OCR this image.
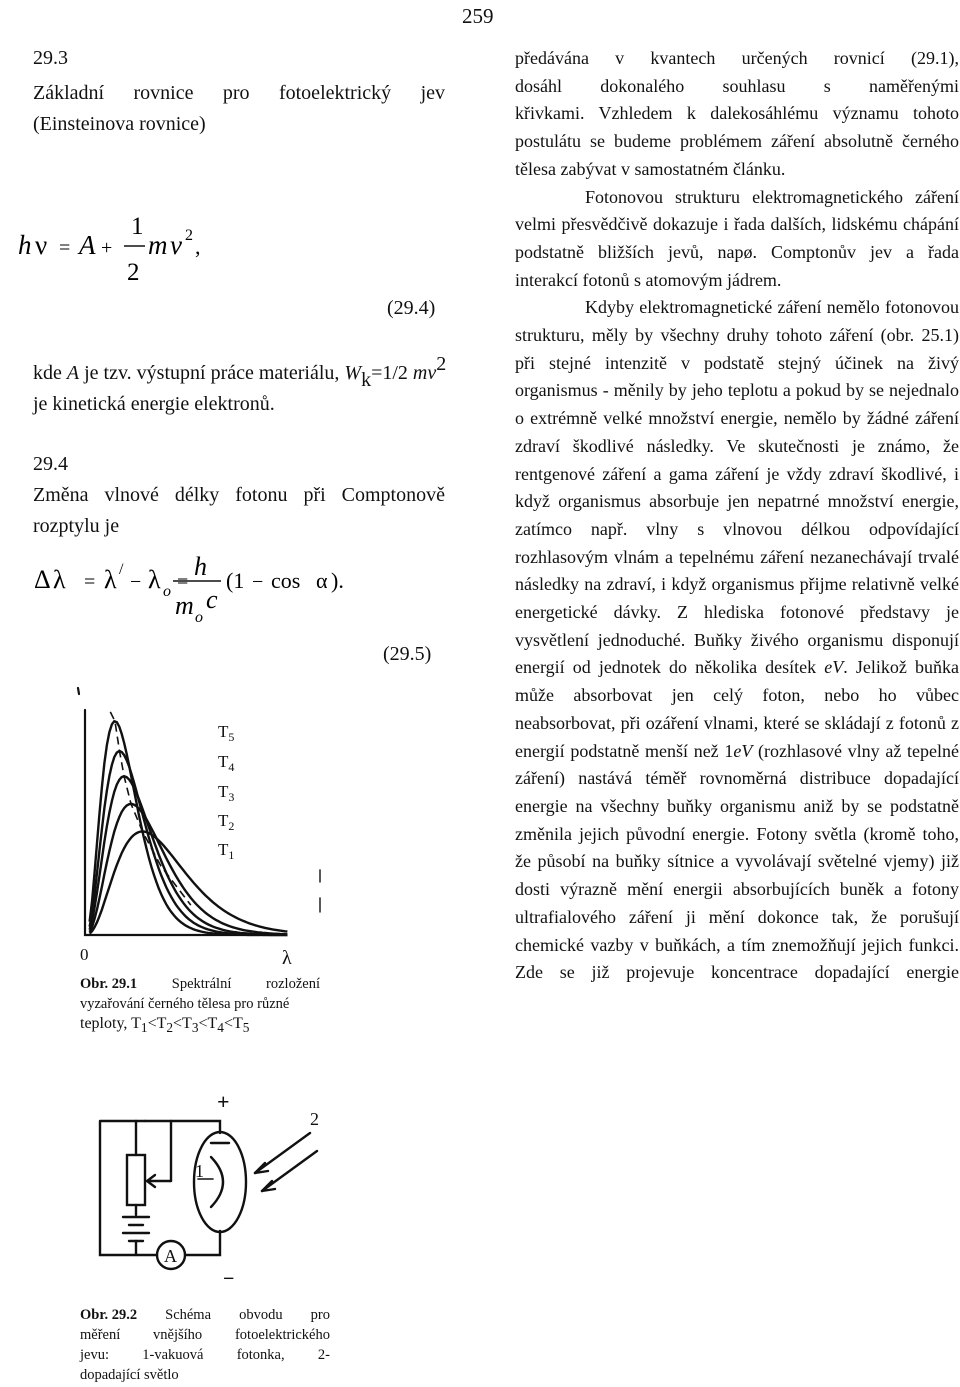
259
29.3
Základní rovnice pro fotoelektrický jev
(Einsteinova rovnice)
h ν = A +
1
2
m v 2 ,
(29.4)
kde A je tzv. výstupní práce materiálu, $W_k=1/2$ $mv^2$
je kinetická energie elektronů.
29.4
Změna vlnové délky fotonu při Comptonově
rozptylu je
Δ λ = λ /
− λ o =
h
m o
c
(1 − cos α ).
(29.5)
$T_5$
$T_4$
$T_3$
$T_2$
$T_1$
0	λ
Obr. 29.1 Spektrální rozložení
vyzařování černého tělesa pro různé
teploty, $T_1<T_2<T_3<T_4<T_5$
+
−
1
2
A
Obr. 29.2 Schéma obvodu pro
měření vnějšího fotoelektrického
jevu: 1-vakuová fotonka, 2-
dopadající světlo

předávána v kvantech určených rovnicí (29.1),

dosáhl dokonalého souhlasu s naměřenými

křivkami. Vzhledem k dalekosáhlému významu tohoto postulátu se budeme problémem záření absolutně černého tělesa zabývat v samostatném článku.

Fotonovou strukturu elektromagnetického záření velmi přesvědčivě dokazuje i řada dalších, lidskému chápání podstatně bližších jevů, napø. Comptonův jev a řada interakcí fotonů s atomovým jádrem.

Kdyby elektromagnetické záření nemělo fotonovou strukturu, měly by všechny druhy tohoto záření (obr. 25.1) při stejné intenzitě v podstatě stejný účinek na živý organismus - měnily by jeho teplotu a pokud by se nejednalo o extrémně velké množství energie, nemělo by žádné záření zdraví škodlivé následky. Ve skutečnosti je známo, že rentgenové záření a gama záření je vždy zdraví škodlivé, i když organismus absorbuje jen nepatrné množství energie, zatímco např. vlny s vlnovou délkou odpovídající rozhlasovým vlnám a tepelnému záření nezanechávají trvalé následky na zdraví, i když organismus přijme relativně velké energetické dávky. Z hlediska fotonové představy je vysvětlení jednoduché. Buňky živého organismu disponují energií od jednotek do několika desítek eV. Jelikož buňka může absorbovat jen celý foton, nebo ho vůbec neabsorbovat, při ozáření vlnami, které se skládají z fotonů z energií podstatně menší než 1eV (rozhlasové vlny až tepelné záření) nastává téměř rovnoměrná distribuce dopadající energie na všechny buňky organismu aniž by se podstatně změnila jejich původní energie. Fotony světla (kromě toho, že působí na buňky sítnice a vyvolávají světelné vjemy) již dosti výrazně mění energii absorbujících buněk a fotony ultrafialového záření ji mění dokonce tak, že porušují chemické vazby v buňkách, a tím znemožňují jejich funkci. Zde se již projevuje koncentrace dopadající energie
